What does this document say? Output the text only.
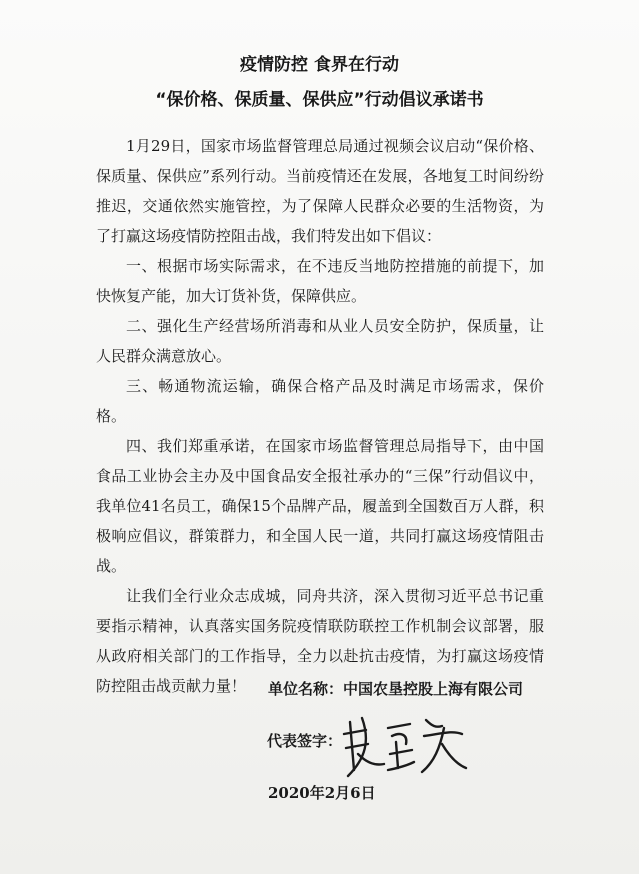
疫情防控 食界在行动
“保价格、保质量、保供应”行动倡议承诺书

1月29日，国家市场监督管理总局通过视频会议启动“保价格、保质量、保供应”系列行动。当前疫情还在发展，各地复工时间纷纷推迟，交通依然实施管控，为了保障人民群众必要的生活物资，为了打赢这场疫情防控阻击战，我们特发出如下倡议：

一、根据市场实际需求，在不违反当地防控措施的前提下，加快恢复产能，加大订货补货，保障供应。

二、强化生产经营场所消毒和从业人员安全防护，保质量，让人民群众满意放心。

三、畅通物流运输，确保合格产品及时满足市场需求，保价格。

四、我们郑重承诺，在国家市场监督管理总局指导下，由中国食品工业协会主办及中国食品安全报社承办的“三保”行动倡议中，我单位41名员工，确保15个品牌产品，履盖到全国数百万人群，积极响应倡议，群策群力，和全国人民一道，共同打赢这场疫情阻击战。

让我们全行业众志成城，同舟共济，深入贯彻习近平总书记重要指示精神，认真落实国务院疫情联防联控工作机制会议部署，服从政府相关部门的工作指导，全力以赴抗击疫情，为打赢这场疫情防控阻击战贡献力量！	单位名称：中国农垦控股上海有限公司
代表签字：
2020年2月6日
